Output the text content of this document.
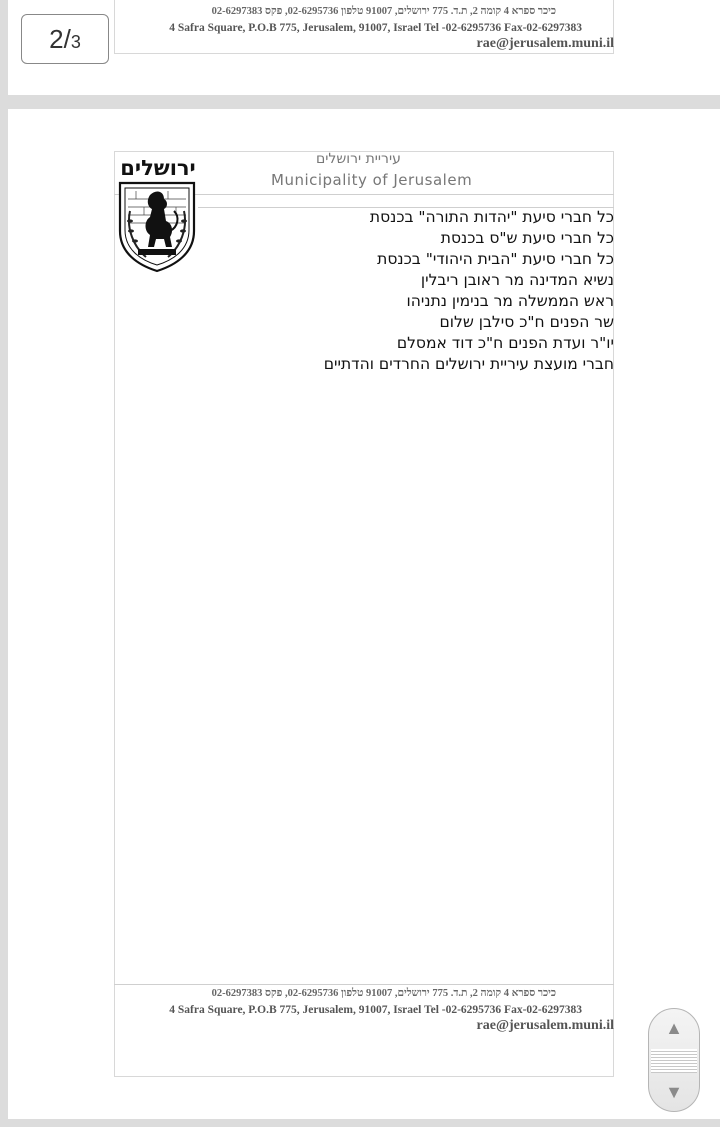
כיכר ספרא 4 קומה 2, ת.ד. 775 ירושלים, 91007 טלפון 02-6295736, פקס 02-6297383
4 Safra Square, P.O.B 775, Jerusalem, 91007, Israel Tel -02-6295736 Fax-02-6297383
rae@jerusalem.muni.il
עיריית ירושלים
Municipality of Jerusalem
ירושלים
כל חברי סיעת "יהדות התורה" בכנסת
כל חברי סיעת ש"ס בכנסת
כל חברי סיעת "הבית היהודי" בכנסת
נשיא המדינה מר ראובן ריבלין
ראש הממשלה מר בנימין נתניהו
שר הפנים ח"כ סילבן שלום
יו"ר ועדת הפנים ח"כ דוד אמסלם
חברי מועצת עיריית ירושלים החרדים והדתיים
כיכר ספרא 4 קומה 2, ת.ד. 775 ירושלים, 91007 טלפון 02-6295736, פקס 02-6297383
4 Safra Square, P.O.B 775, Jerusalem, 91007, Israel Tel -02-6295736 Fax-02-6297383
rae@jerusalem.muni.il
2 / 3
▲
▼
